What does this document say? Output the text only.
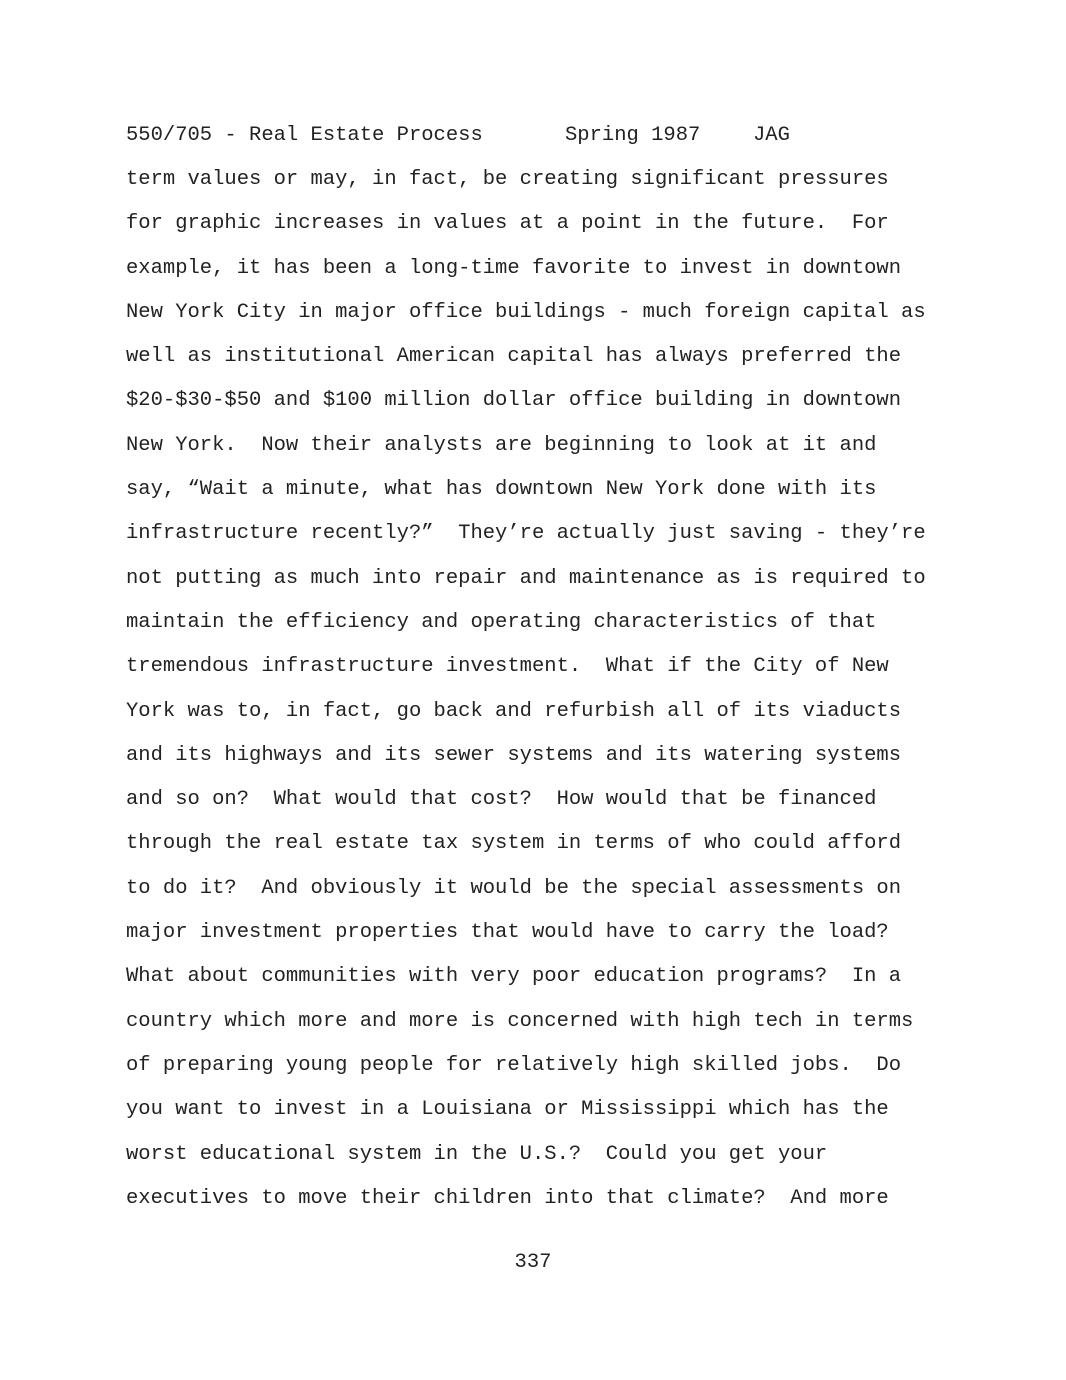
550/705 - Real Estate Process	Spring 1987	JAG
term values or may, in fact, be creating significant pressures
for graphic increases in values at a point in the future.  For
example, it has been a long-time favorite to invest in downtown
New York City in major office buildings - much foreign capital as
well as institutional American capital has always preferred the
$20-$30-$50 and $100 million dollar office building in downtown
New York.  Now their analysts are beginning to look at it and
say, “Wait a minute, what has downtown New York done with its
infrastructure recently?”  They’re actually just saving - they’re
not putting as much into repair and maintenance as is required to
maintain the efficiency and operating characteristics of that
tremendous infrastructure investment.  What if the City of New
York was to, in fact, go back and refurbish all of its viaducts
and its highways and its sewer systems and its watering systems
and so on?  What would that cost?  How would that be financed
through the real estate tax system in terms of who could afford
to do it?  And obviously it would be the special assessments on
major investment properties that would have to carry the load?
What about communities with very poor education programs?  In a
country which more and more is concerned with high tech in terms
of preparing young people for relatively high skilled jobs.  Do
you want to invest in a Louisiana or Mississippi which has the
worst educational system in the U.S.?  Could you get your
executives to move their children into that climate?  And more
337
